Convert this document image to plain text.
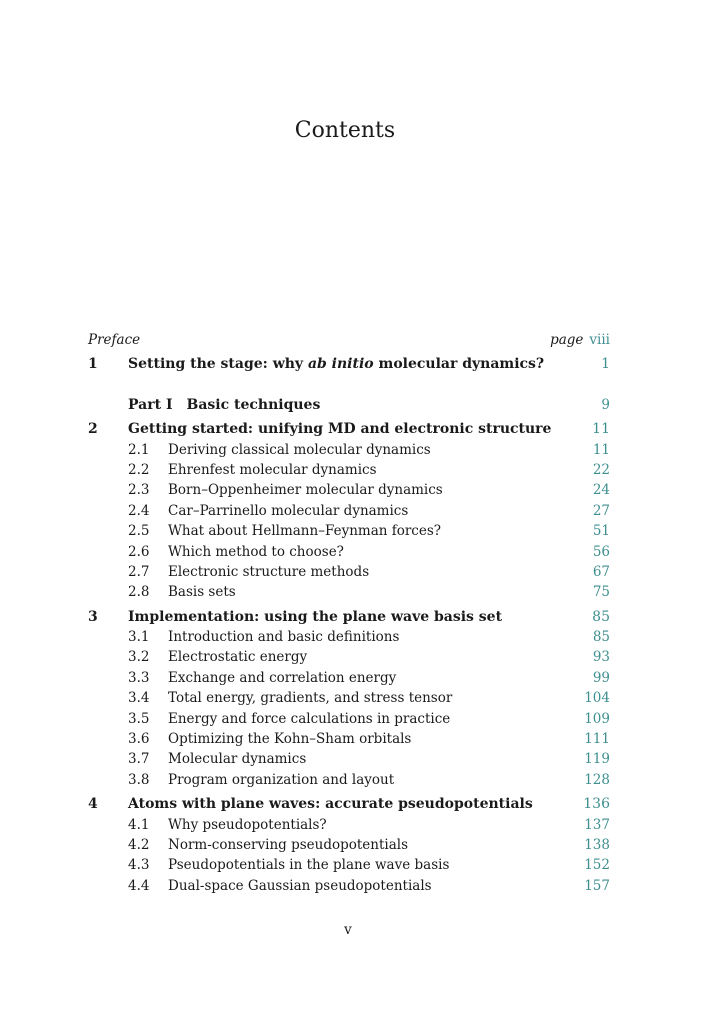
Contents
Preface	page viii
1 Setting the stage: why ab initio molecular dynamics?	1
Part I Basic techniques	9
2 Getting started: unifying MD and electronic structure	11
2.1 Deriving classical molecular dynamics	11
2.2 Ehrenfest molecular dynamics	22
2.3 Born–Oppenheimer molecular dynamics	24
2.4 Car–Parrinello molecular dynamics	27
2.5 What about Hellmann–Feynman forces?	51
2.6 Which method to choose?	56
2.7 Electronic structure methods	67
2.8 Basis sets	75
3 Implementation: using the plane wave basis set	85
3.1 Introduction and basic definitions	85
3.2 Electrostatic energy	93
3.3 Exchange and correlation energy	99
3.4 Total energy, gradients, and stress tensor	104
3.5 Energy and force calculations in practice	109
3.6 Optimizing the Kohn–Sham orbitals	111
3.7 Molecular dynamics	119
3.8 Program organization and layout	128
4 Atoms with plane waves: accurate pseudopotentials	136
4.1 Why pseudopotentials?	137
4.2 Norm-conserving pseudopotentials	138
4.3 Pseudopotentials in the plane wave basis	152
4.4 Dual-space Gaussian pseudopotentials	157
v
